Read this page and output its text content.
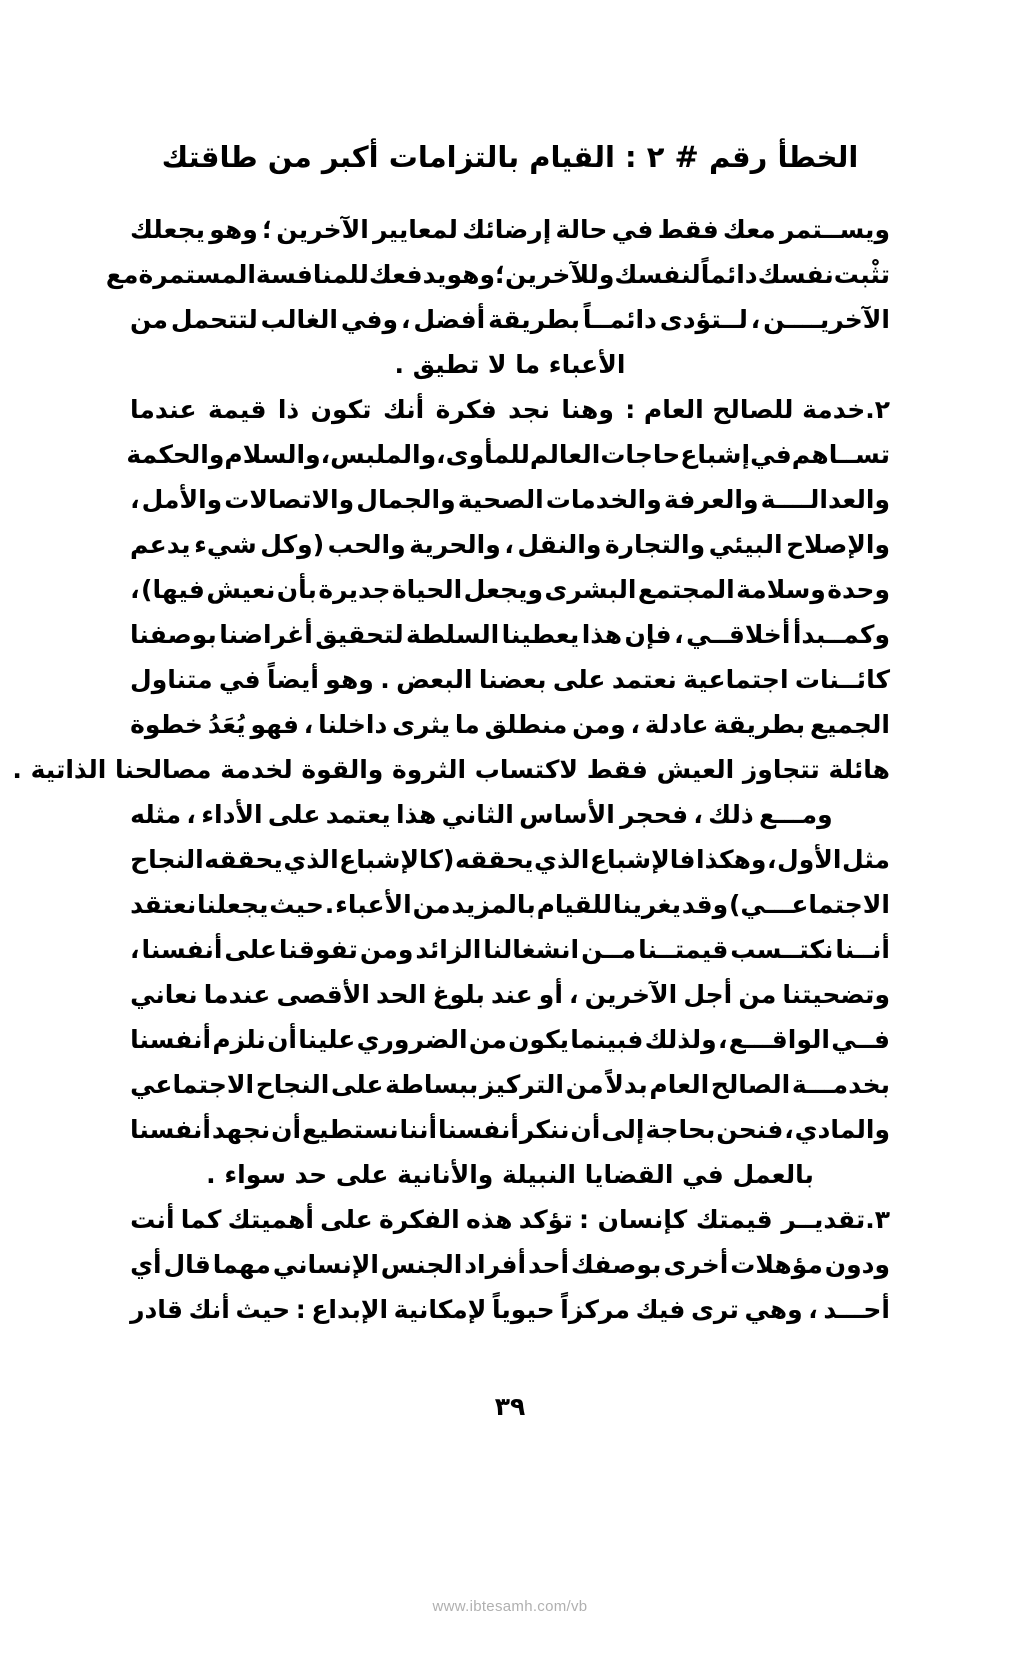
الخطأ رقم # ٢ : القيام بالتزامات أكبر من طاقتك

ويســتمر
معك
فقط
في
حالة
إرضائك
لمعايير
الآخرين
؛
وهو
يجعلك
تثْبت
نفسك
دائماً
لنفسك
وللآخرين
؛
وهو
يدفعك
للمنافسة
المستمرة
مع
الآخريــــن
،
لــتؤدى
دائمــاً
بطريقة
أفضل
،
وفي
الغالب
لتتحمل
من
الأعباء ما لا تطيق .

٢.خدمة للصالح العام :
وهنا
نجد
فكرة
أنك
تكون
ذا
قيمة
عندما
تســاهم
في
إشباع
حاجات
العالم
للمأوى
،
والملبس
،
والسلام
والحكمة
والعدالــــة
والعرفة
والخدمات
الصحية
والجمال
والاتصالات
والأمل
،
والإصلاح
البيئي
والتجارة
والنقل
،
والحرية
والحب
(وكل
شيء
يدعم
وحدة
وسلامة
المجتمع
البشرى
ويجعل
الحياة
جديرة
بأن
نعيش
فيها)
،
وكمــبدأ
أخلاقــي
،
فإن
هذا
يعطينا
السلطة
لتحقيق
أغراضنا
بوصفنا
كائــنات
اجتماعية
نعتمد
على
بعضنا
البعض
.
وهو
أيضاً
في
متناول
الجميع
بطريقة
عادلة
،
ومن
منطلق
ما
يثرى
داخلنا
،
فهو
يُعَدُ
خطوة
هائلة تتجاوز العيش فقط لاكتساب الثروة والقوة لخدمة مصالحنا الذاتية .

ومـــع
ذلك
،
فحجر
الأساس
الثاني
هذا
يعتمد
على
الأداء
،
مثله
مثل
الأول
،
وهكذا
فالإشباع
الذي
يحققه
(كالإشباع
الذي
يحققه
النجاح
الاجتماعـــي)
وقد
يغرينا
للقيام
بالمزيد
من
الأعباء
.
حيث
يجعلنا
نعتقد
أنــنا
نكتــسب
قيمتــنا
مــن
انشغالنا
الزائد
ومن
تفوقنا
على
أنفسنا
،
وتضحيتنا
من
أجل
الآخرين
،
أو
عند
بلوغ
الحد
الأقصى
عندما
نعاني
فــي
الواقـــع
،
ولذلك
فبينما
يكون
من
الضروري
علينا
أن
نلزم
أنفسنا
بخدمـــة
الصالح
العام
بدلاً
من
التركيز
ببساطة
على
النجاح
الاجتماعي
والمادي
،
فنحن
بحاجة
إلى
أن
ننكر
أنفسنا
أننا
نستطيع
أن
نجهد
أنفسنا
بالعمل في القضايا النبيلة والأنانية على حد سواء .

٣.تقديــر قيمتك كإنسان :
تؤكد
هذه
الفكرة
على
أهميتك
كما
أنت
ودون
مؤهلات
أخرى
بوصفك
أحد
أفراد
الجنس
الإنساني
مهما
قال
أي
أحـــد
،
وهي
ترى
فيك
مركزاً
حيوياً
لإمكانية
الإبداع
:
حيث
أنك
قادر

٣٩
www.ibtesamh.com/vb
